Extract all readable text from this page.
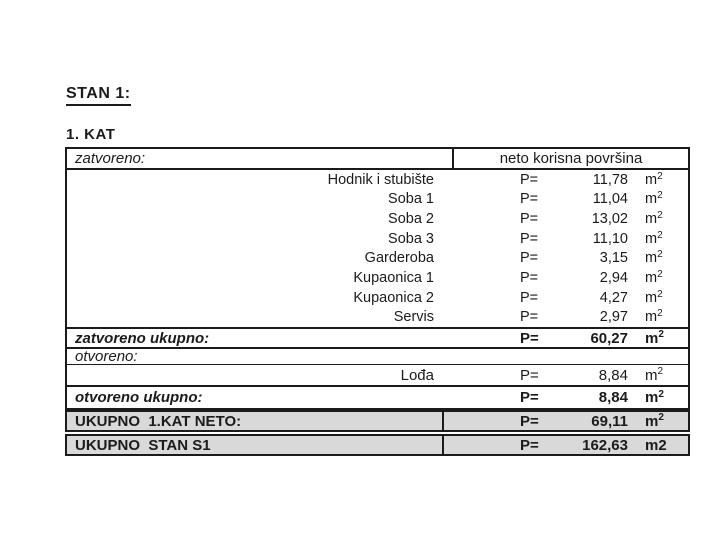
STAN 1:
1. KAT
zatvoreno:	neto korisna površina
Hodnik i stubište	P=	11,78 m 2
Soba 1	P=	11,04 m 2
Soba 2	P=	13,02 m 2
Soba 3	P=	11,10 m 2
Garderoba	P=	3,15 m 2
Kupaonica 1	P=	2,94 m 2
Kupaonica 2	P=	4,27 m 2
Servis	P=	2,97 m 2
zatvoreno ukupno:	P=	60,27 m 2
otvoreno:
Lođa	P=	8,84 m 2
otvoreno ukupno:	P=	8,84 m 2
UKUPNO  1.KAT NETO:	P=	69,11 m 2
UKUPNO  STAN S1	P=	162,63 m2
